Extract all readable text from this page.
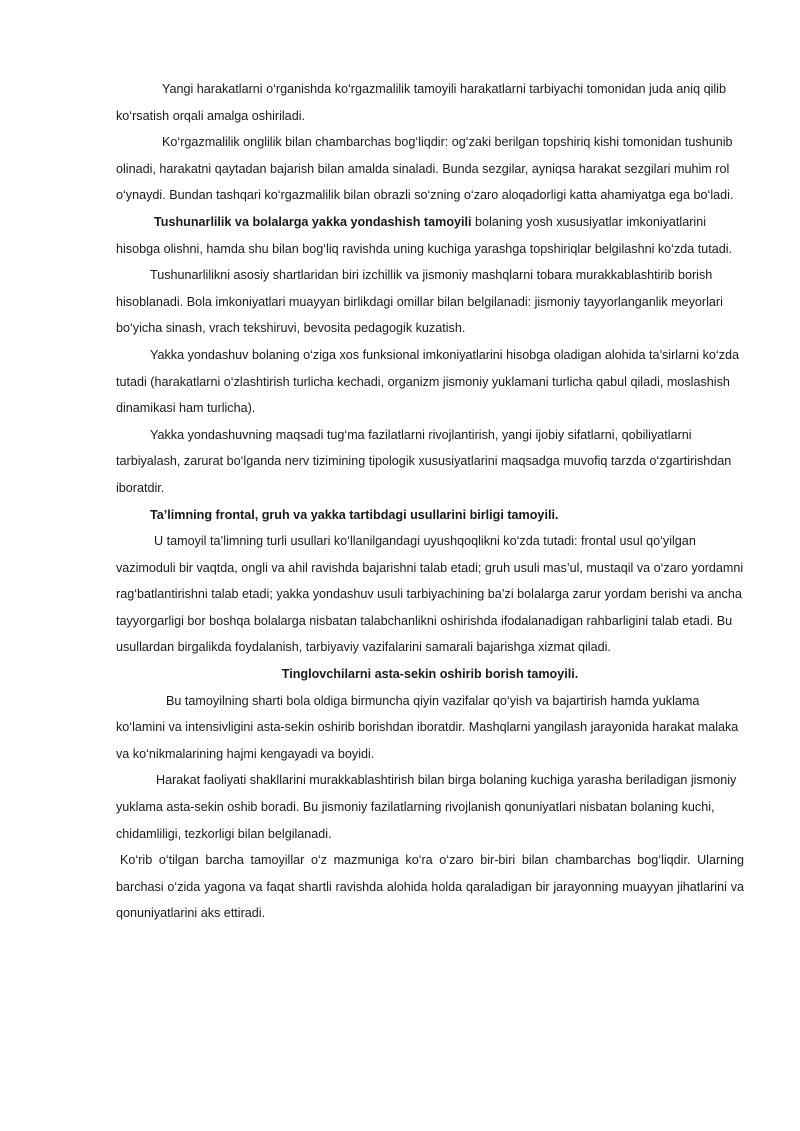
Yangi harakatlarni o‘rganishda ko‘rgazmalilik tamoyili harakatlarni tarbiyachi tomonidan juda aniq qilib ko‘rsatish orqali amalga oshiriladi.

Ko‘rgazmalilik onglilik bilan chambarchas bog‘liqdir: og‘zaki berilgan topshiriq kishi tomonidan tushunib olinadi, harakatni qaytadan bajarish bilan amalda sinaladi. Bunda sezgilar, ayniqsa harakat sezgilari muhim rol o‘ynaydi. Bundan tashqari ko‘rgazmalilik bilan obrazli so‘zning o‘zaro aloqadorligi katta ahamiyatga ega bo‘ladi.

Tushunarlilik va bolalarga yakka yondashish tamoyili bolaning yosh xususiyatlar imkoniyatlarini hisobga olishni, hamda shu bilan bog‘liq ravishda uning kuchiga yarashga topshiriqlar belgilashni ko‘zda tutadi.

Tushunarlilikni asosiy shartlaridan biri izchillik va jismoniy mashqlarni tobara murakkablashtirib borish hisoblanadi. Bola imkoniyatlari muayyan birlikdagi omillar bilan belgilanadi: jismoniy tayyorlanganlik meyorlari bo‘yicha sinash, vrach tekshiruvi, bevosita pedagogik kuzatish.

Yakka yondashuv bolaning o‘ziga xos funksional imkoniyatlarini hisobga oladigan alohida ta’sirlarni ko‘zda tutadi (harakatlarni o‘zlashtirish turlicha kechadi, organizm jismoniy yuklamani turlicha qabul qiladi, moslashish dinamikasi ham turlicha).

Yakka yondashuvning maqsadi tug‘ma fazilatlarni rivojlantirish, yangi ijobiy sifatlarni, qobiliyatlarni tarbiyalash, zarurat bo‘lganda nerv tizimining tipologik xususiyatlarini maqsadga muvofiq tarzda o‘zgartirishdan iboratdir.

Ta’limning frontal, gruh va yakka tartibdagi usullarini birligi tamoyili.

U tamoyil ta’limning turli usullari ko‘llanilgandagi uyushqoqlikni ko‘zda tutadi: frontal usul qo‘yilgan vazimoduli bir vaqtda, ongli va ahil ravishda bajarishni talab etadi; gruh usuli mas’ul, mustaqil va o‘zaro yordamni rag‘batlantirishni talab etadi; yakka yondashuv usuli tarbiyachining ba’zi bolalarga zarur yordam berishi va ancha tayyorgarligi bor boshqa bolalarga nisbatan talabchanlikni oshirishda ifodalanadigan rahbarligini talab etadi. Bu usullardan birgalikda foydalanish, tarbiyaviy vazifalarini samarali bajarishga xizmat qiladi.

Tinglovchilarni asta-sekin oshirib borish tamoyili.

Bu tamoyilning sharti bola oldiga birmuncha qiyin vazifalar qo‘yish va bajartirish hamda yuklama ko‘lamini va intensivligini asta-sekin oshirib borishdan iboratdir. Mashqlarni yangilash jarayonida harakat malaka va ko‘nikmalarining hajmi kengayadi va boyidi.

Harakat faoliyati shakllarini murakkablashtirish bilan birga bolaning kuchiga yarasha beriladigan jismoniy yuklama asta-sekin oshib boradi. Bu jismoniy fazilatlarning rivojlanish qonuniyatlari nisbatan bolaning kuchi, chidamliligi, tezkorligi bilan belgilanadi.

Ko‘rib o‘tilgan barcha tamoyillar o‘z mazmuniga ko‘ra o‘zaro bir-biri bilan chambarchas bog‘liqdir. Ularning barchasi o‘zida yagona va faqat shartli ravishda alohida holda qaraladigan bir jarayonning muayyan jihatlarini va qonuniyatlarini aks ettiradi.
